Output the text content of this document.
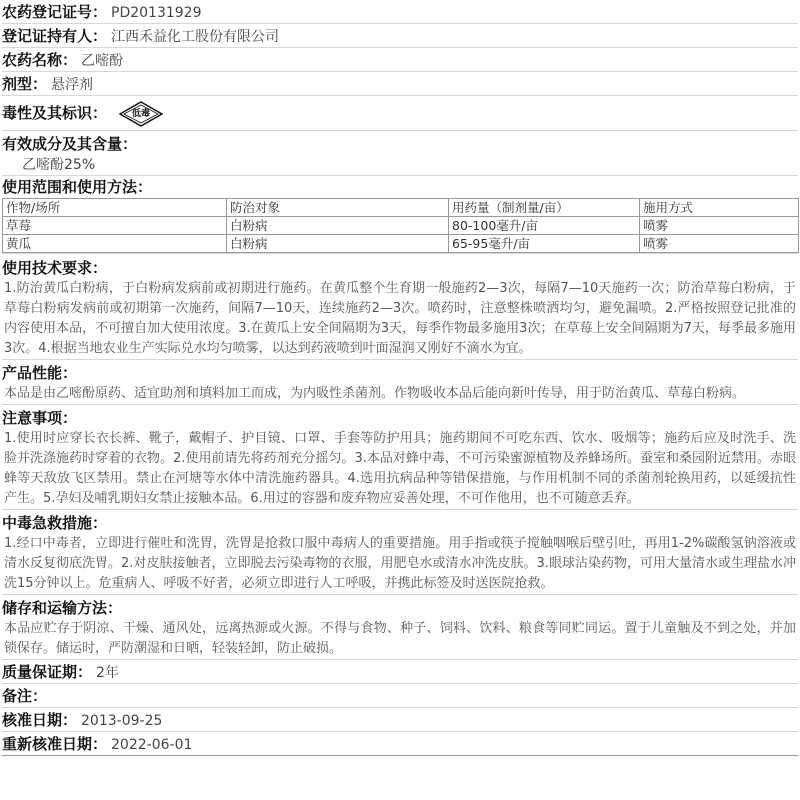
农药登记证号： PD20131929
登记证持有人： 江西禾益化工股份有限公司
农药名称： 乙嘧酚
剂型： 悬浮剂
毒性及其标识：	低毒
有效成分及其含量：
乙嘧酚25%
使用范围和使用方法：
作物/场所	防治对象	用药量（制剂量/亩）	施用方式
草莓	白粉病	80-100毫升/亩	喷雾
黄瓜	白粉病	65-95毫升/亩	喷雾
使用技术要求：
1.防治黄瓜白粉病，于白粉病发病前或初期进行施药。在黄瓜整个生育期一般施药2—3次，每隔7—10天施药一次；防治草莓白粉病，于草莓白粉病发病前或初期第一次施药，间隔7—10天，连续施药2—3次。喷药时，注意整株喷洒均匀，避免漏喷。2.严格按照登记批准的内容使用本品，不可擅自加大使用浓度。3.在黄瓜上安全间隔期为3天，每季作物最多施用3次；在草莓上安全间隔期为7天，每季最多施用3次。4.根据当地农业生产实际兑水均匀喷雾，以达到药液喷到叶面湿润又刚好不滴水为宜。
产品性能：
本品是由乙嘧酚原药、适宜助剂和填料加工而成，为内吸性杀菌剂。作物吸收本品后能向新叶传导，用于防治黄瓜、草莓白粉病。
注意事项：
1.使用时应穿长衣长裤、靴子，戴帽子、护目镜、口罩、手套等防护用具；施药期间不可吃东西、饮水、吸烟等；施药后应及时洗手、洗脸并洗涤施药时穿着的衣物。2.使用前请先将药剂充分摇匀。3.本品对蜂中毒，不可污染蜜源植物及养蜂场所。蚕室和桑园附近禁用。赤眼蜂等天敌放飞区禁用。禁止在河塘等水体中清洗施药器具。4.选用抗病品种等错保措施，与作用机制不同的杀菌剂轮换用药，以延缓抗性产生。5.孕妇及哺乳期妇女禁止接触本品。6.用过的容器和废弃物应妥善处理，不可作他用，也不可随意丢弃。
中毒急救措施：
1.经口中毒者，立即进行催吐和洗胃，洗胃是抢救口服中毒病人的重要措施。用手指或筷子搅触咽喉后壁引吐，再用1-2%碳酸氢钠溶液或清水反复彻底洗胃。2.对皮肤接触者，立即脱去污染毒物的衣服，用肥皂水或清水冲洗皮肤。3.眼球沾染药物，可用大量清水或生理盐水冲洗15分钟以上。危重病人、呼吸不好者，必须立即进行人工呼吸，并携此标签及时送医院抢救。
储存和运输方法：
本品应贮存于阴凉、干燥、通风处，远离热源或火源。不得与食物、种子、饲料、饮料、粮食等同贮同运。置于儿童触及不到之处，并加锁保存。储运时，严防潮湿和日晒，轻装轻卸，防止破损。
质量保证期： 2年
备注：
核准日期： 2013-09-25
重新核准日期： 2022-06-01
